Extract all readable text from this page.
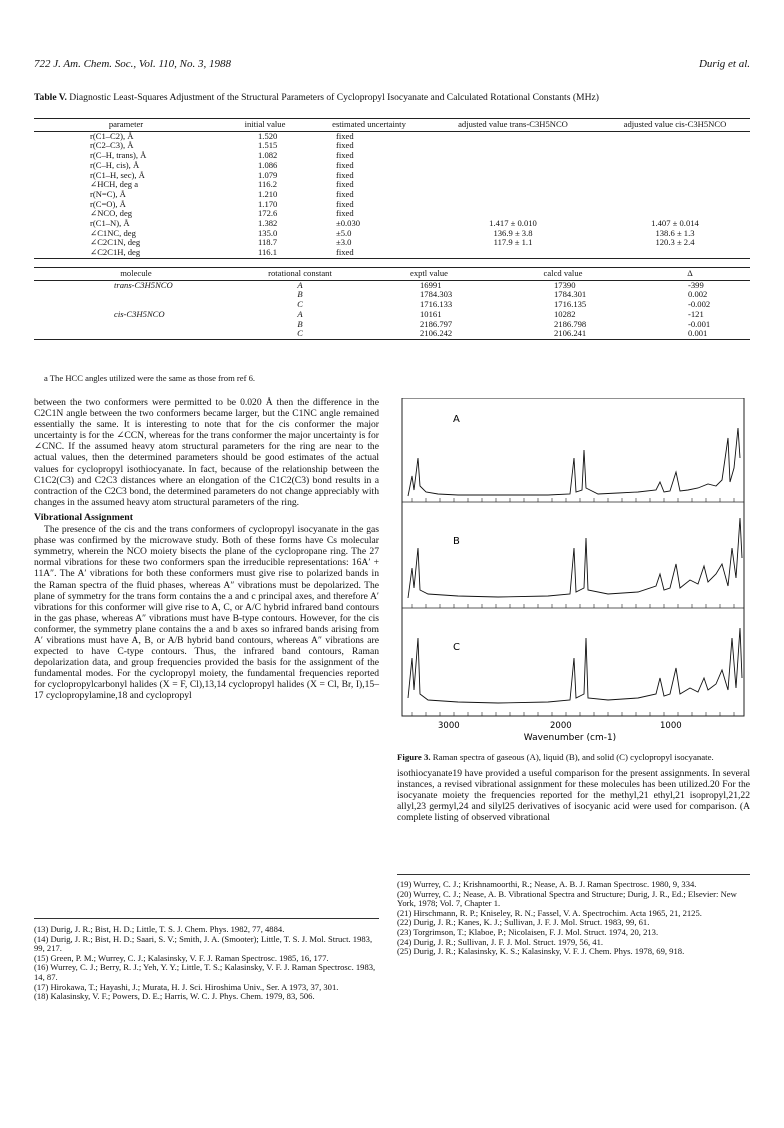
722 J. Am. Chem. Soc., Vol. 110, No. 3, 1988	Durig et al.
Table V. Diagnostic Least-Squares Adjustment of the Structural Parameters of Cyclopropyl Isocyanate and Calculated Rotational Constants (MHz)
parameter	initial value	estimated uncertainty	adjusted value trans-C3H5NCO	adjusted value cis-C3H5NCO
r(C1–C2), Å	1.520	fixed		
r(C2–C3), Å	1.515	fixed		
r(C–H, trans), Å	1.082	fixed		
r(C–H, cis), Å	1.086	fixed		
r(C1–H, sec), Å	1.079	fixed		
∠HCH, deg a	116.2	fixed		
r(N=C), Å	1.210	fixed		
r(C=O), Å	1.170	fixed		
∠NCO, deg	172.6	fixed		
r(C1–N), Å	1.382	±0.030	1.417 ± 0.010	1.407 ± 0.014
∠C1NC, deg	135.0	±5.0	136.9 ± 3.8	138.6 ± 1.3
∠C2C1N, deg	118.7	±3.0	117.9 ± 1.1	120.3 ± 2.4
∠C2C1H, deg	116.1	fixed		
molecule	rotational constant	exptl value	calcd value	Δ
trans-C3H5NCO	A	16991	17390	-399
	B	1784.303	1784.301	0.002
	C	1716.133	1716.135	-0.002
cis-C3H5NCO	A	10161	10282	-121
	B	2186.797	2186.798	-0.001
	C	2106.242	2106.241	0.001
a The HCC angles utilized were the same as those from ref 6.

between the two conformers were permitted to be 0.020 Å then the difference in the C2C1N angle between the two conformers became larger, but the C1NC angle remained essentially the same. It is interesting to note that for the cis conformer the major uncertainty is for the ∠CCN, whereas for the trans conformer the major uncertainty is for ∠CNC. If the assumed heavy atom structural parameters for the ring are near to the actual values, then the determined parameters should be good estimates of the actual values for cyclopropyl isothiocyanate. In fact, because of the relationship between the C1C2(C3) and C2C3 distances where an elongation of the C1C2(C3) bond results in a contraction of the C2C3 bond, the determined parameters do not change appreciably with changes in the assumed heavy atom structural parameters of the ring.

Vibrational Assignment

The presence of the cis and the trans conformers of cyclopropyl isocyanate in the gas phase was confirmed by the microwave study. Both of these forms have Cs molecular symmetry, wherein the NCO moiety bisects the plane of the cyclopropane ring. The 27 normal vibrations for these two conformers span the irreducible representations: 16A′ + 11A″. The A′ vibrations for both these conformers must give rise to polarized bands in the Raman spectra of the fluid phases, whereas A″ vibrations must be depolarized. The plane of symmetry for the trans form contains the a and c principal axes, and therefore A′ vibrations for this conformer will give rise to A, C, or A/C hybrid infrared band contours in the gas phase, whereas A″ vibrations must have B-type contours. However, for the cis conformer, the symmetry plane contains the a and b axes so infrared bands arising from A′ vibrations must have A, B, or A/B hybrid band contours, whereas A″ vibrations are expected to have C-type contours. Thus, the infrared band contours, Raman depolarization data, and group frequencies provided the basis for the assignment of the fundamental modes. For the cyclopropyl moiety, the fundamental frequencies reported for cyclopropylcarbonyl halides (X = F, Cl),13,14 cyclopropyl halides (X = Cl, Br, I),15–17 cyclopropylamine,18 and cyclopropyl

A
B
C
3000	2000	1000
Wavenumber (cm-1)
Figure 3. Raman spectra of gaseous (A), liquid (B), and solid (C) cyclopropyl isocyanate.

isothiocyanate19 have provided a useful comparison for the present assignments. In several instances, a revised vibrational assignment for these molecules has been utilized.20 For the isocyanate moiety the frequencies reported for the methyl,21 ethyl,21 isopropyl,21,22 allyl,23 germyl,24 and silyl25 derivatives of isocyanic acid were used for comparison. (A complete listing of observed vibrational

(13) Durig, J. R.; Bist, H. D.; Little, T. S. J. Chem. Phys. 1982, 77, 4884.
(14) Durig, J. R.; Bist, H. D.; Saari, S. V.; Smith, J. A. (Smooter); Little, T. S. J. Mol. Struct. 1983, 99, 217.
(15) Green, P. M.; Wurrey, C. J.; Kalasinsky, V. F. J. Raman Spectrosc. 1985, 16, 177.
(16) Wurrey, C. J.; Berry, R. J.; Yeh, Y. Y.; Little, T. S.; Kalasinsky, V. F. J. Raman Spectrosc. 1983, 14, 87.
(17) Hirokawa, T.; Hayashi, J.; Murata, H. J. Sci. Hiroshima Univ., Ser. A 1973, 37, 301.
(18) Kalasinsky, V. F.; Powers, D. E.; Harris, W. C. J. Phys. Chem. 1979, 83, 506.
(19) Wurrey, C. J.; Krishnamoorthi, R.; Nease, A. B. J. Raman Spectrosc. 1980, 9, 334.
(20) Wurrey, C. J.; Nease, A. B. Vibrational Spectra and Structure; Durig, J. R., Ed.; Elsevier: New York, 1978; Vol. 7, Chapter 1.
(21) Hirschmann, R. P.; Kniseley, R. N.; Fassel, V. A. Spectrochim. Acta 1965, 21, 2125.
(22) Durig, J. R.; Kanes, K. J.; Sullivan, J. F. J. Mol. Struct. 1983, 99, 61.
(23) Torgrimson, T.; Klaboe, P.; Nicolaisen, F. J. Mol. Struct. 1974, 20, 213.
(24) Durig, J. R.; Sullivan, J. F. J. Mol. Struct. 1979, 56, 41.
(25) Durig, J. R.; Kalasinsky, K. S.; Kalasinsky, V. F. J. Chem. Phys. 1978, 69, 918.
